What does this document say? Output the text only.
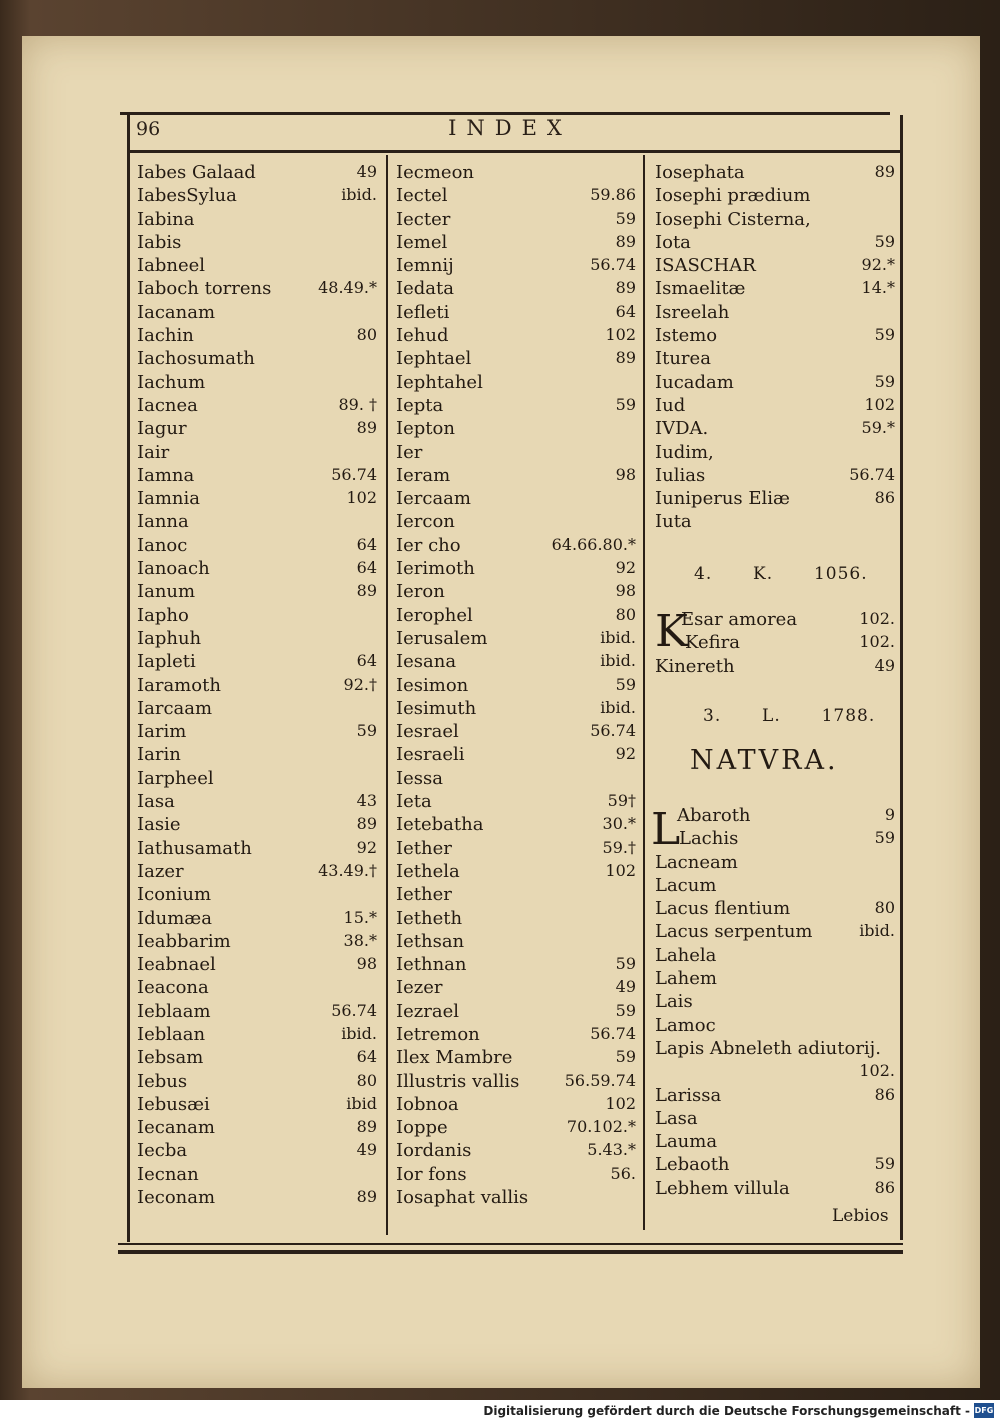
96	INDEX
Iabes Galaad	49
IabesSylua	ibid.
Iabina
Iabis
Iabneel
Iaboch torrens	48.49.*
Iacanam
Iachin	80
Iachosumath
Iachum
Iacnea	89. †
Iagur	89
Iair
Iamna	56.74
Iamnia	102
Ianna
Ianoc	64
Ianoach	64
Ianum	89
Iapho
Iaphuh
Iapleti	64
Iaramoth	92.†
Iarcaam
Iarim	59
Iarin
Iarpheel
Iasa	43
Iasie	89
Iathusamath	92
Iazer	43.49.†
Iconium
Idumæa	15.*
Ieabbarim	38.*
Ieabnael	98
Ieacona
Ieblaam	56.74
Ieblaan	ibid.
Iebsam	64
Iebus	80
Iebusæi	ibid
Iecanam	89
Iecba	49
Iecnan
Ieconam	89
Iecmeon
Iectel	59.86
Iecter	59
Iemel	89
Iemnij	56.74
Iedata	89
Iefleti	64
Iehud	102
Iephtael	89
Iephtahel
Iepta	59
Iepton
Ier
Ieram	98
Iercaam
Iercon
Ier cho	64.66.80.*
Ierimoth	92
Ieron	98
Ierophel	80
Ierusalem	ibid.
Iesana	ibid.
Iesimon	59
Iesimuth	ibid.
Iesrael	56.74
Iesraeli	92
Iessa
Ieta	59†
Ietebatha	30.*
Iether	59.†
Iethela	102
Iether
Ietheth
Iethsan
Iethnan	59
Iezer	49
Iezrael	59
Ietremon	56.74
Ilex Mambre	59
Illustris vallis	56.59.74
Iobnoa	102
Ioppe	70.102.*
Iordanis	5.43.*
Ior fons	56.
Iosaphat vallis
Iosephata	89
Iosephi prædium
Iosephi Cisterna,
Iota	59
ISASCHAR	92.*
Ismaelitæ	14.*
Isreelah
Istemo	59
Iturea
Iucadam	59
Iud	102
IVDA.	59.*
Iudim,
Iulias	56.74
Iuniperus Eliæ	86
Iuta
4. K. 1056.
K
Esar amorea	102.
Kefira	102.
Kinereth	49
3. L. 1788.
NATVRA.
L
Abaroth	9
Lachis	59
Lacneam
Lacum
Lacus flentium	80
Lacus serpentum	ibid.
Lahela
Lahem
Lais
Lamoc
Lapis Abneleth adiutorij.
102.
Larissa	86
Lasa
Lauma
Lebaoth	59
Lebhem villula	86
Lebios
Digitalisierung gefördert durch die Deutsche Forschungsgemeinschaft - DFG
